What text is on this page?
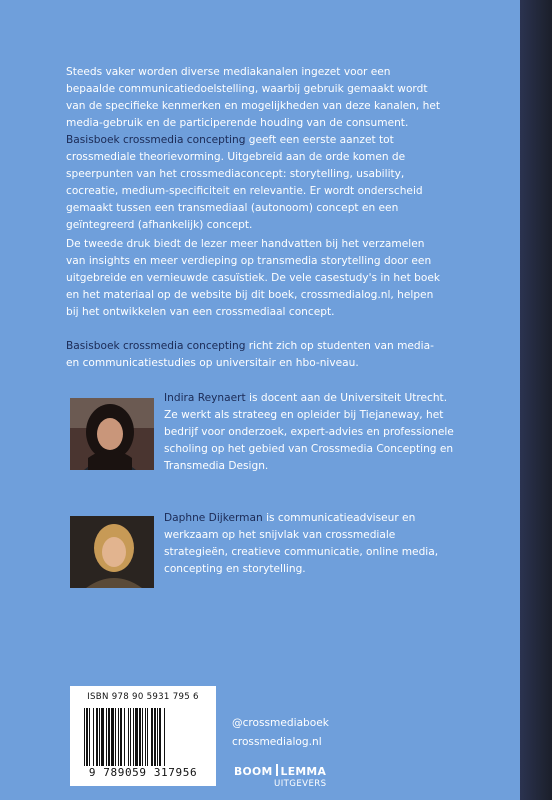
Steeds vaker worden diverse mediakanalen ingezet voor een bepaalde communicatiedoelstelling, waarbij gebruik gemaakt wordt van de specifieke kenmerken en mogelijkheden van deze kanalen, het media-gebruik en de participerende houding van de consument. Basisboek crossmedia concepting geeft een eerste aanzet tot crossmediale theorievorming. Uitgebreid aan de orde komen de speerpunten van het crossmediaconcept: storytelling, usability, cocreatie, medium-specificiteit en relevantie. Er wordt onderscheid gemaakt tussen een transmediaal (autonoom) concept en een geïntegreerd (afhankelijk) concept.
De tweede druk biedt de lezer meer handvatten bij het verzamelen van insights en meer verdieping op transmedia storytelling door een uitgebreide en vernieuwde casuïstiek. De vele casestudy's in het boek en het materiaal op de website bij dit boek, crossmedialog.nl, helpen bij het ontwikkelen van een crossmediaal concept.
Basisboek crossmedia concepting richt zich op studenten van media- en communicatiestudies op universitair en hbo-niveau.
Indira Reynaert is docent aan de Universiteit Utrecht. Ze werkt als strateeg en opleider bij Tiejaneway, het bedrijf voor onderzoek, expert-advies en professionele scholing op het gebied van Crossmedia Concepting en Transmedia Design.
Daphne Dijkerman is communicatieadviseur en werkzaam op het snijvlak van crossmediale strategieën, creatieve communicatie, online media, concepting en storytelling.
ISBN 978 90 5931 795 6
9 789059 317956
@crossmediaboek
crossmedialog.nl
BOOM LEMMA
UITGEVERS
